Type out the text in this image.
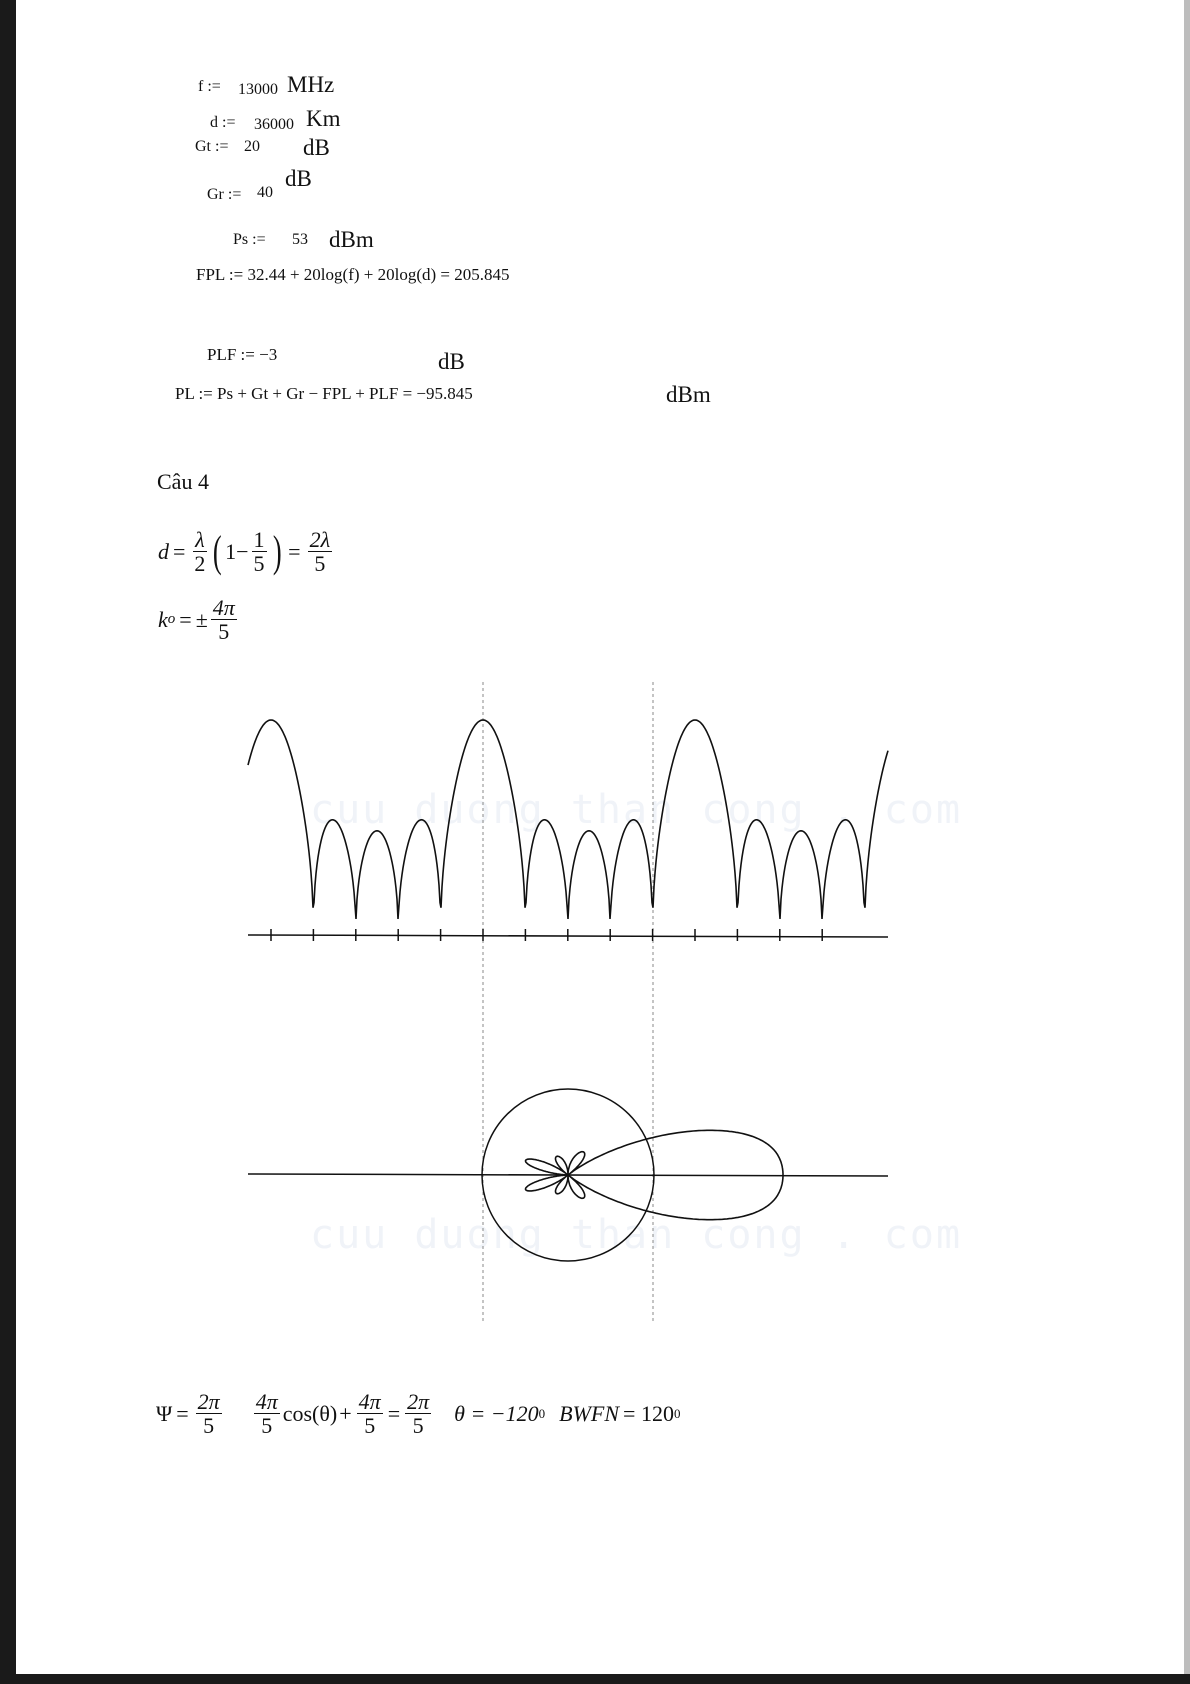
f := 13000 MHz
d := 36000 Km
Gt := 20 dB
Gr := 40
dB
Ps := 53 dBm
FPL := 32.44 + 20log(f) + 20log(d) = 205.845
PLF := −3	dB
PL := Ps + Gt + Gr − FPL + PLF = −95.845	dBm
Câu 4
$d = \frac{\lambda}{2}$ ( $1 - \frac{1}{5}$ ) = $\frac{2\lambda}{5}$
k o = ± $\frac{4\pi}{5}$
cuu duong than cong . com
cuu duong than cong . com
$\Psi = \frac{2\pi}{5} \frac{4\pi}{5} \cos(\theta) + \frac{4\pi}{5} = \frac{2\pi}{5}$ θ = −120 0 BWFN = 120 0
